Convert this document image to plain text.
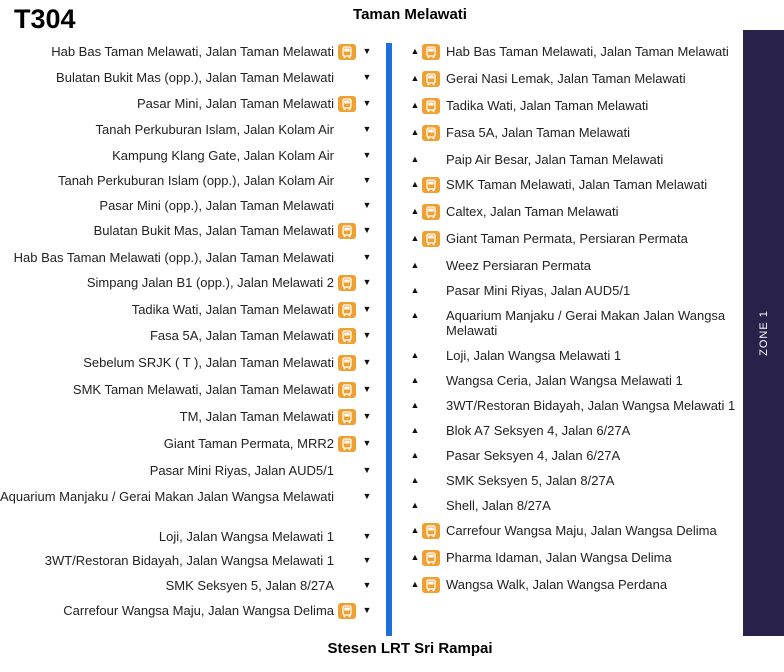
T304	Taman Melawati
ZONE 1
Hab Bas Taman Melawati, Jalan Taman Melawati	▼
Bulatan Bukit Mas (opp.), Jalan Taman Melawati	▼
Pasar Mini, Jalan Taman Melawati	▼
Tanah Perkuburan Islam, Jalan Kolam Air	▼
Kampung Klang Gate, Jalan Kolam Air	▼
Tanah Perkuburan Islam (opp.), Jalan Kolam Air	▼
Pasar Mini (opp.), Jalan Taman Melawati	▼
Bulatan Bukit Mas, Jalan Taman Melawati	▼
Hab Bas Taman Melawati (opp.), Jalan Taman Melawati	▼
Simpang Jalan B1 (opp.), Jalan Melawati 2	▼
Tadika Wati, Jalan Taman Melawati	▼
Fasa 5A, Jalan Taman Melawati	▼
Sebelum SRJK ( T ), Jalan Taman Melawati	▼
SMK Taman Melawati, Jalan Taman Melawati	▼
TM, Jalan Taman Melawati	▼
Giant Taman Permata, MRR2	▼
Pasar Mini Riyas, Jalan AUD5/1	▼
Aquarium Manjaku / Gerai Makan Jalan Wangsa Melawati	▼
Loji, Jalan Wangsa Melawati 1	▼
3WT/Restoran Bidayah, Jalan Wangsa Melawati 1	▼
SMK Seksyen 5, Jalan 8/27A	▼
Carrefour Wangsa Maju, Jalan Wangsa Delima	▼
▲ Hab Bas Taman Melawati, Jalan Taman Melawati
▲ Gerai Nasi Lemak, Jalan Taman Melawati
▲ Tadika Wati, Jalan Taman Melawati
▲ Fasa 5A, Jalan Taman Melawati
▲ Paip Air Besar, Jalan Taman Melawati
▲ SMK Taman Melawati, Jalan Taman Melawati
▲ Caltex, Jalan Taman Melawati
▲ Giant Taman Permata, Persiaran Permata
▲ Weez Persiaran Permata
▲ Pasar Mini Riyas, Jalan AUD5/1
▲ Aquarium Manjaku / Gerai Makan Jalan Wangsa Melawati
▲ Loji, Jalan Wangsa Melawati 1
▲ Wangsa Ceria, Jalan Wangsa Melawati 1
▲ 3WT/Restoran Bidayah, Jalan Wangsa Melawati 1
▲ Blok A7 Seksyen 4, Jalan 6/27A
▲ Pasar Seksyen 4, Jalan 6/27A
▲ SMK Seksyen 5, Jalan 8/27A
▲ Shell, Jalan 8/27A
▲ Carrefour Wangsa Maju, Jalan Wangsa Delima
▲ Pharma Idaman, Jalan Wangsa Delima
▲ Wangsa Walk, Jalan Wangsa Perdana
Stesen LRT Sri Rampai
